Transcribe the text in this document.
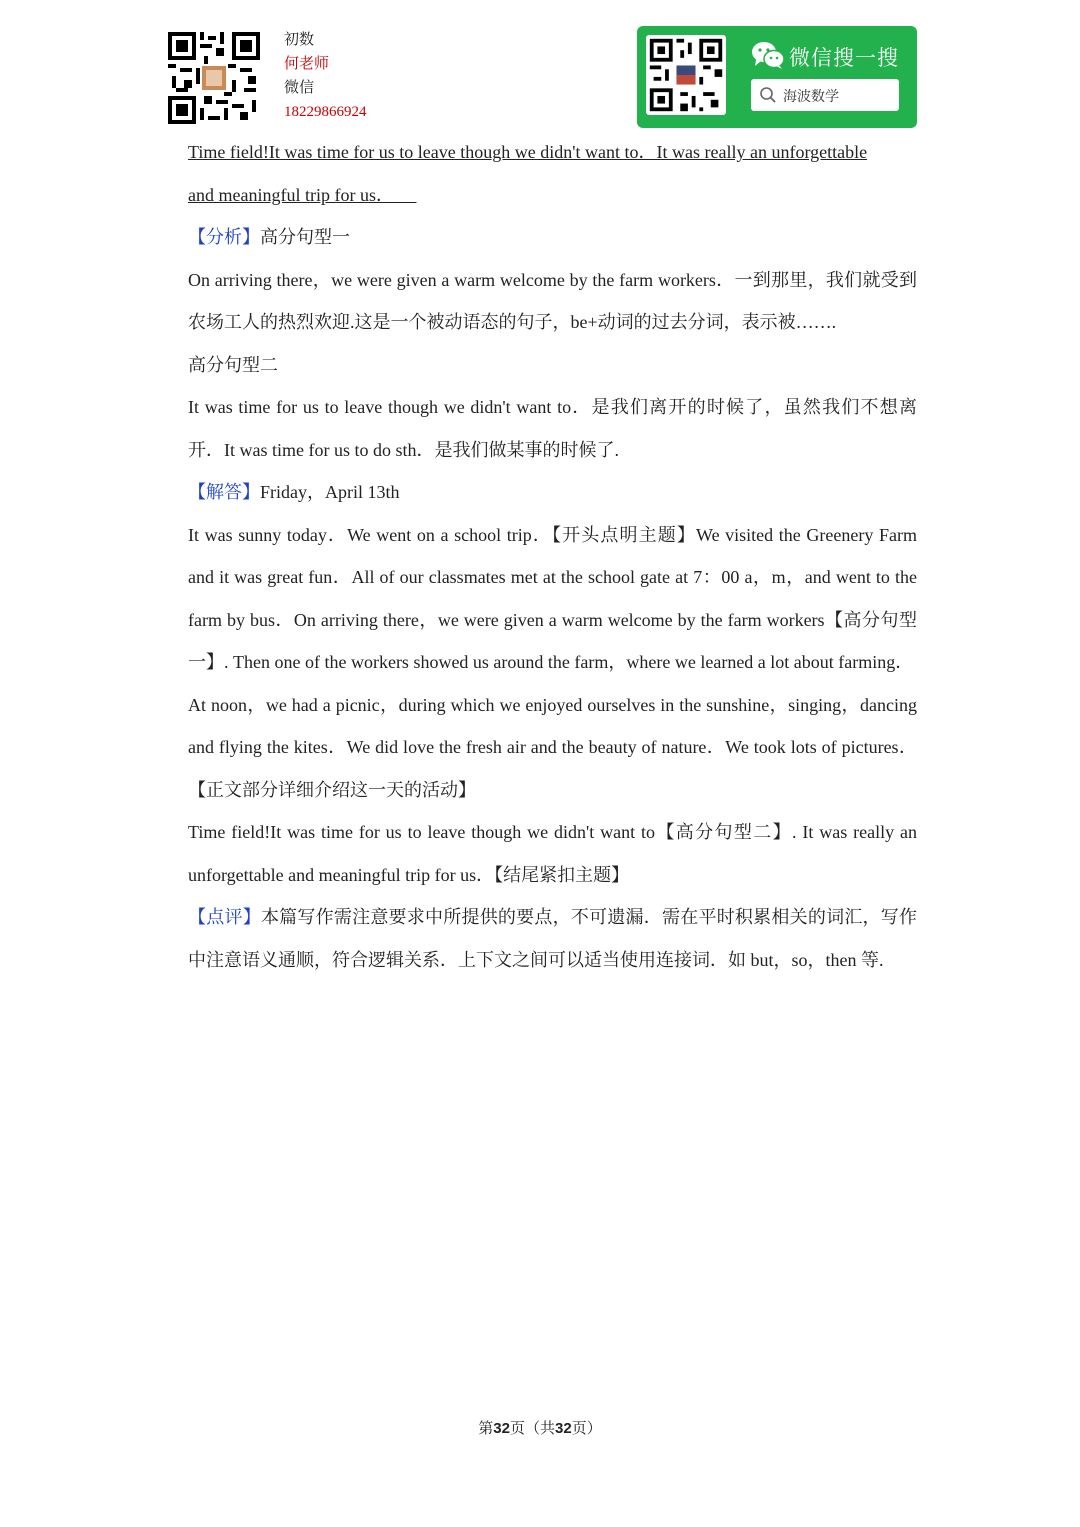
初数
何老师
微信
18229866924
微信搜一搜
海波数学

Time field!It was time for us to leave though we didn't want to．It was really an unforgettable
and meaningful trip for us．

【分析】高分句型一

On arriving there，we were given a warm welcome by the farm workers．一到那里，我们就受到农场工人的热烈欢迎.这是一个被动语态的句子，be+动词的过去分词，表示被…….

高分句型二

It was time for us to leave though we didn't want to．是我们离开的时候了，虽然我们不想离开．It was time for us to do sth．是我们做某事的时候了.

【解答】Friday，April 13th

It was sunny today．We went on a school trip．【开头点明主题】We visited the Greenery Farm and it was great fun．All of our classmates met at the school gate at 7：00 a，m，and went to the farm by bus．On arriving there，we were given a warm welcome by the farm workers【高分句型一】. Then one of the workers showed us around the farm，where we learned a lot about farming．

At noon，we had a picnic，during which we enjoyed ourselves in the sunshine，singing，dancing and flying the kites．We did love the fresh air and the beauty of nature．We took lots of pictures．【正文部分详细介绍这一天的活动】

Time field!It was time for us to leave though we didn't want to【高分句型二】. It was really an unforgettable and meaningful trip for us．【结尾紧扣主题】

【点评】本篇写作需注意要求中所提供的要点，不可遗漏．需在平时积累相关的词汇，写作中注意语义通顺，符合逻辑关系．上下文之间可以适当使用连接词．如 but，so，then 等.

第32页（共32页）
